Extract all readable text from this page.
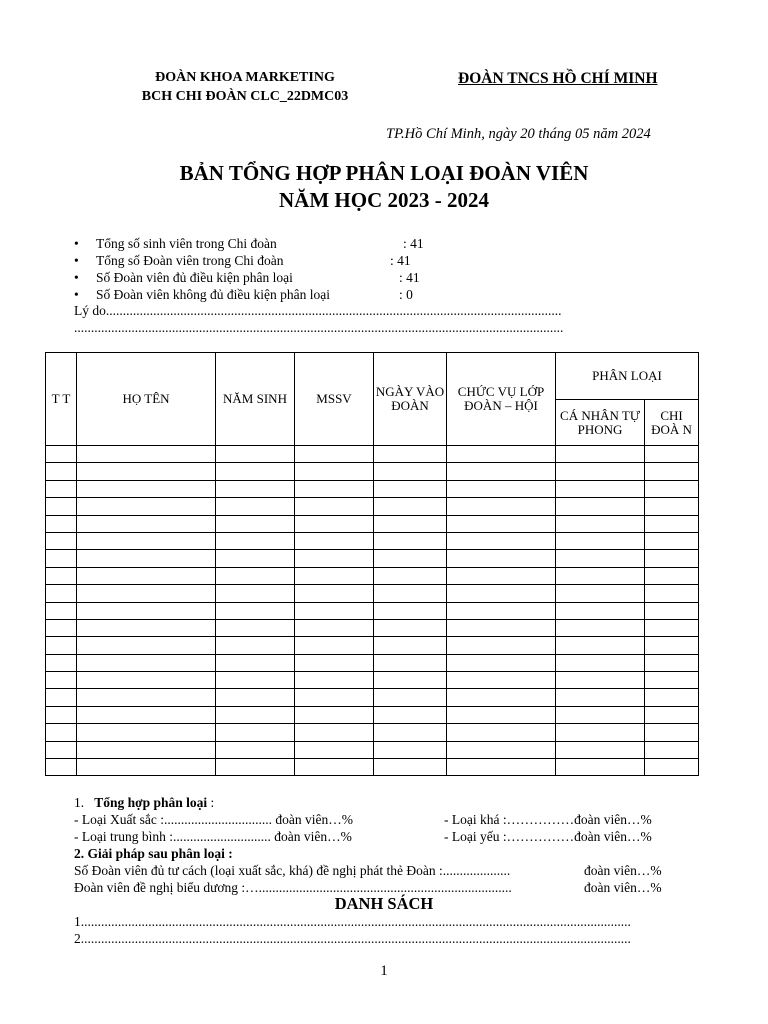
ĐOÀN KHOA MARKETING
BCH CHI ĐOÀN CLC_22DMC03
ĐOÀN TNCS HỒ CHÍ MINH
TP.Hồ Chí Minh, ngày 20 tháng 05 năm 2024
BẢN TỔNG HỢP PHÂN LOẠI ĐOÀN VIÊN
NĂM HỌC 2023 - 2024
• Tổng số sinh viên trong Chi đoàn	: 41
• Tổng số Đoàn viên trong Chi đoàn	: 41
• Số Đoàn viên đủ điều kiện phân loại	: 41
• Số Đoàn viên không đủ điều kiện phân loại	: 0
Lý do.......................................................................................................................................
.................................................................................................................................................
T T	HỌ TÊN	NĂM SINH	MSSV	NGÀY VÀO ĐOÀN	CHỨC VỤ LỚP ĐOÀN – HỘI	PHÂN LOẠI	
						CÁ NHÂN TỰ PHONG	CHI ĐOÀ N

1. Tổng hợp phân loại :
- Loại Xuất sắc :................................ đoàn viên…%	- Loại khá :……………đoàn viên…%
- Loại trung bình :............................. đoàn viên…%	- Loại yếu :……………đoàn viên…%
2. Giải pháp sau phân loại :
Số Đoàn viên đủ tư cách (loại xuất sắc, khá) đề nghị phát thẻ Đoàn :....................	đoàn viên…%
Đoàn viên đề nghị biểu dương :…...........................................................................	đoàn viên…%
DANH SÁCH
1...................................................................................................................................................................
2...................................................................................................................................................................
1
